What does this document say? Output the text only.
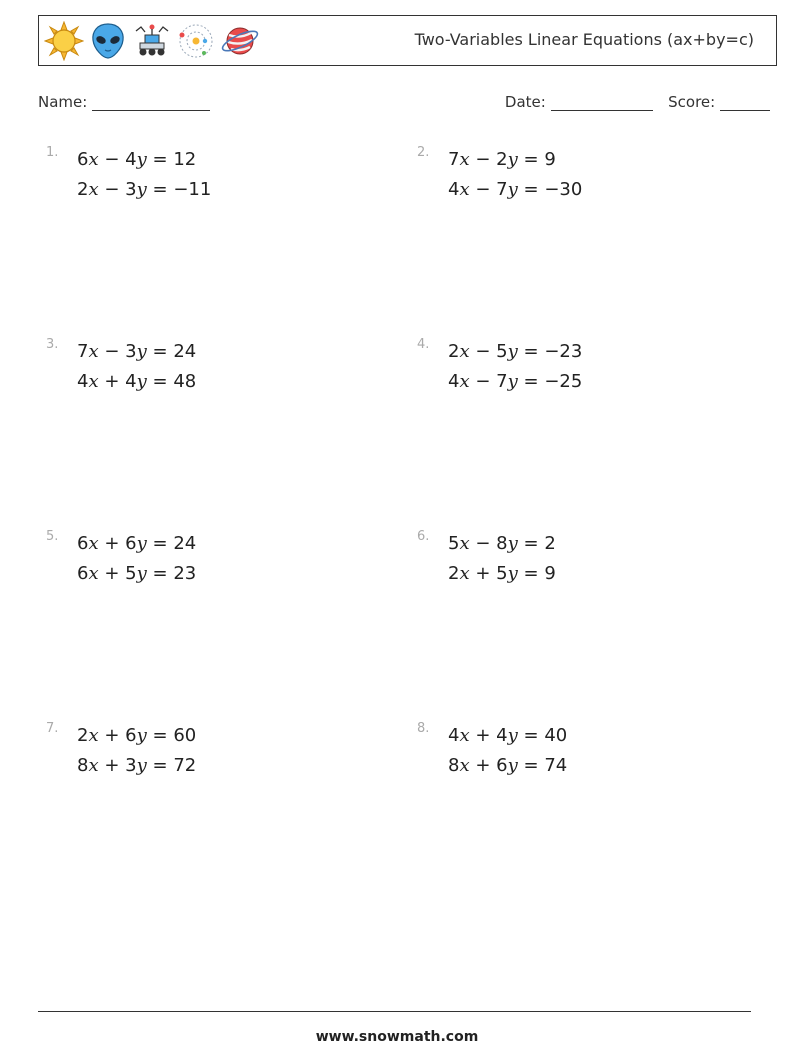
Two-Variables Linear Equations (ax+by=c)
Name:	Date:	Score:
1. 6x − 4y = 12
2x − 3y = −11
2. 7x − 2y = 9
4x − 7y = −30
3. 7x − 3y = 24
4x + 4y = 48
4. 2x − 5y = −23
4x − 7y = −25
5. 6x + 6y = 24
6x + 5y = 23
6. 5x − 8y = 2
2x + 5y = 9
7. 2x + 6y = 60
8x + 3y = 72
8. 4x + 4y = 40
8x + 6y = 74
www.snowmath.com
